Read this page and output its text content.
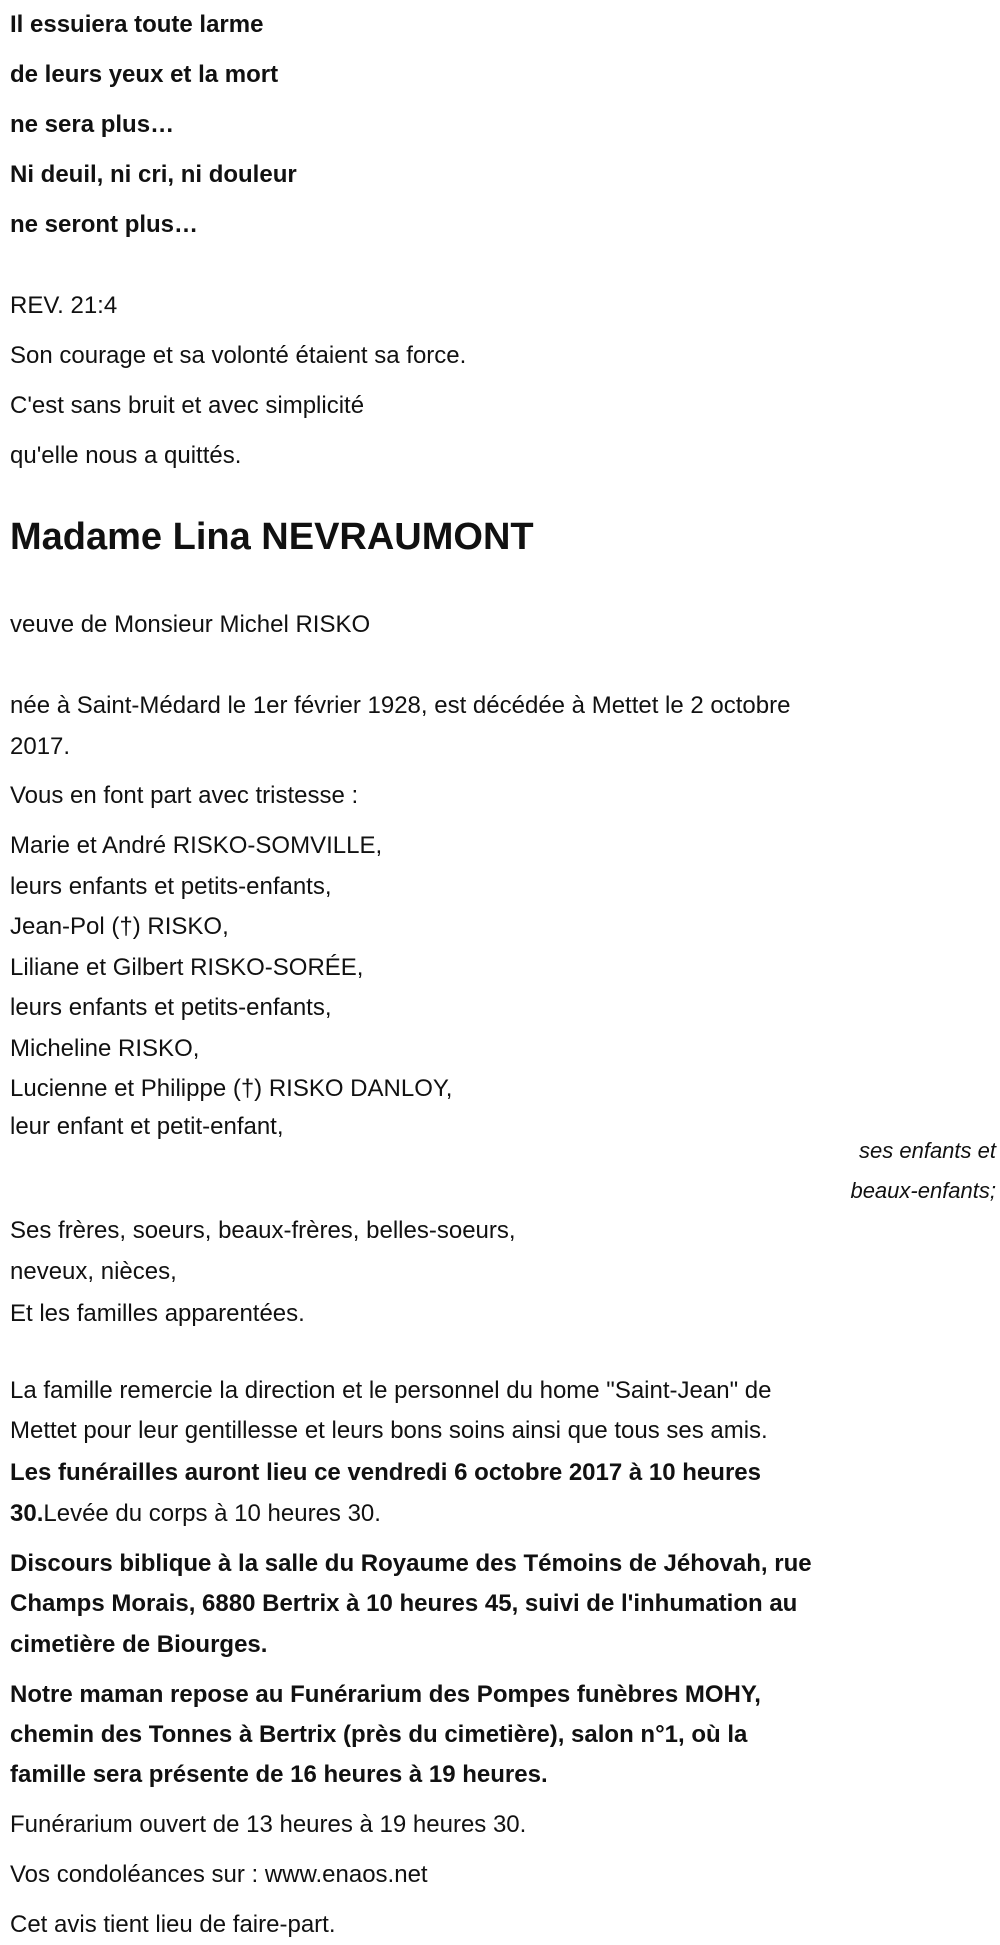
Il essuiera toute larme
de leurs yeux et la mort
ne sera plus…
Ni deuil, ni cri, ni douleur
ne seront plus…
REV. 21:4
Son courage et sa volonté étaient sa force.
C'est sans bruit et avec simplicité
qu'elle nous a quittés.
Madame Lina NEVRAUMONT
veuve de Monsieur Michel RISKO
née à Saint-Médard le 1er février 1928, est décédée à Mettet le 2 octobre
2017.
Vous en font part avec tristesse :
Marie et André RISKO-SOMVILLE,
leurs enfants et petits-enfants,
Jean-Pol (†) RISKO,
Liliane et Gilbert RISKO-SORÉE,
leurs enfants et petits-enfants,
Micheline RISKO,
Lucienne et Philippe (†) RISKO DANLOY,
leur enfant et petit-enfant,
ses enfants et
beaux-enfants;
Ses frères, soeurs, beaux-frères, belles-soeurs,
neveux, nièces,
Et les familles apparentées.
La famille remercie la direction et le personnel du home "Saint-Jean" de
Mettet pour leur gentillesse et leurs bons soins ainsi que tous ses amis.
Les funérailles auront lieu ce vendredi 6 octobre 2017 à 10 heures
30.Levée du corps à 10 heures 30.
Discours biblique à la salle du Royaume des Témoins de Jéhovah, rue
Champs Morais, 6880 Bertrix à 10 heures 45, suivi de l'inhumation au
cimetière de Biourges.
Notre maman repose au Funérarium des Pompes funèbres MOHY,
chemin des Tonnes à Bertrix (près du cimetière), salon n°1, où la
famille sera présente de 16 heures à 19 heures.
Funérarium ouvert de 13 heures à 19 heures 30.
Vos condoléances sur : www.enaos.net
Cet avis tient lieu de faire-part.
